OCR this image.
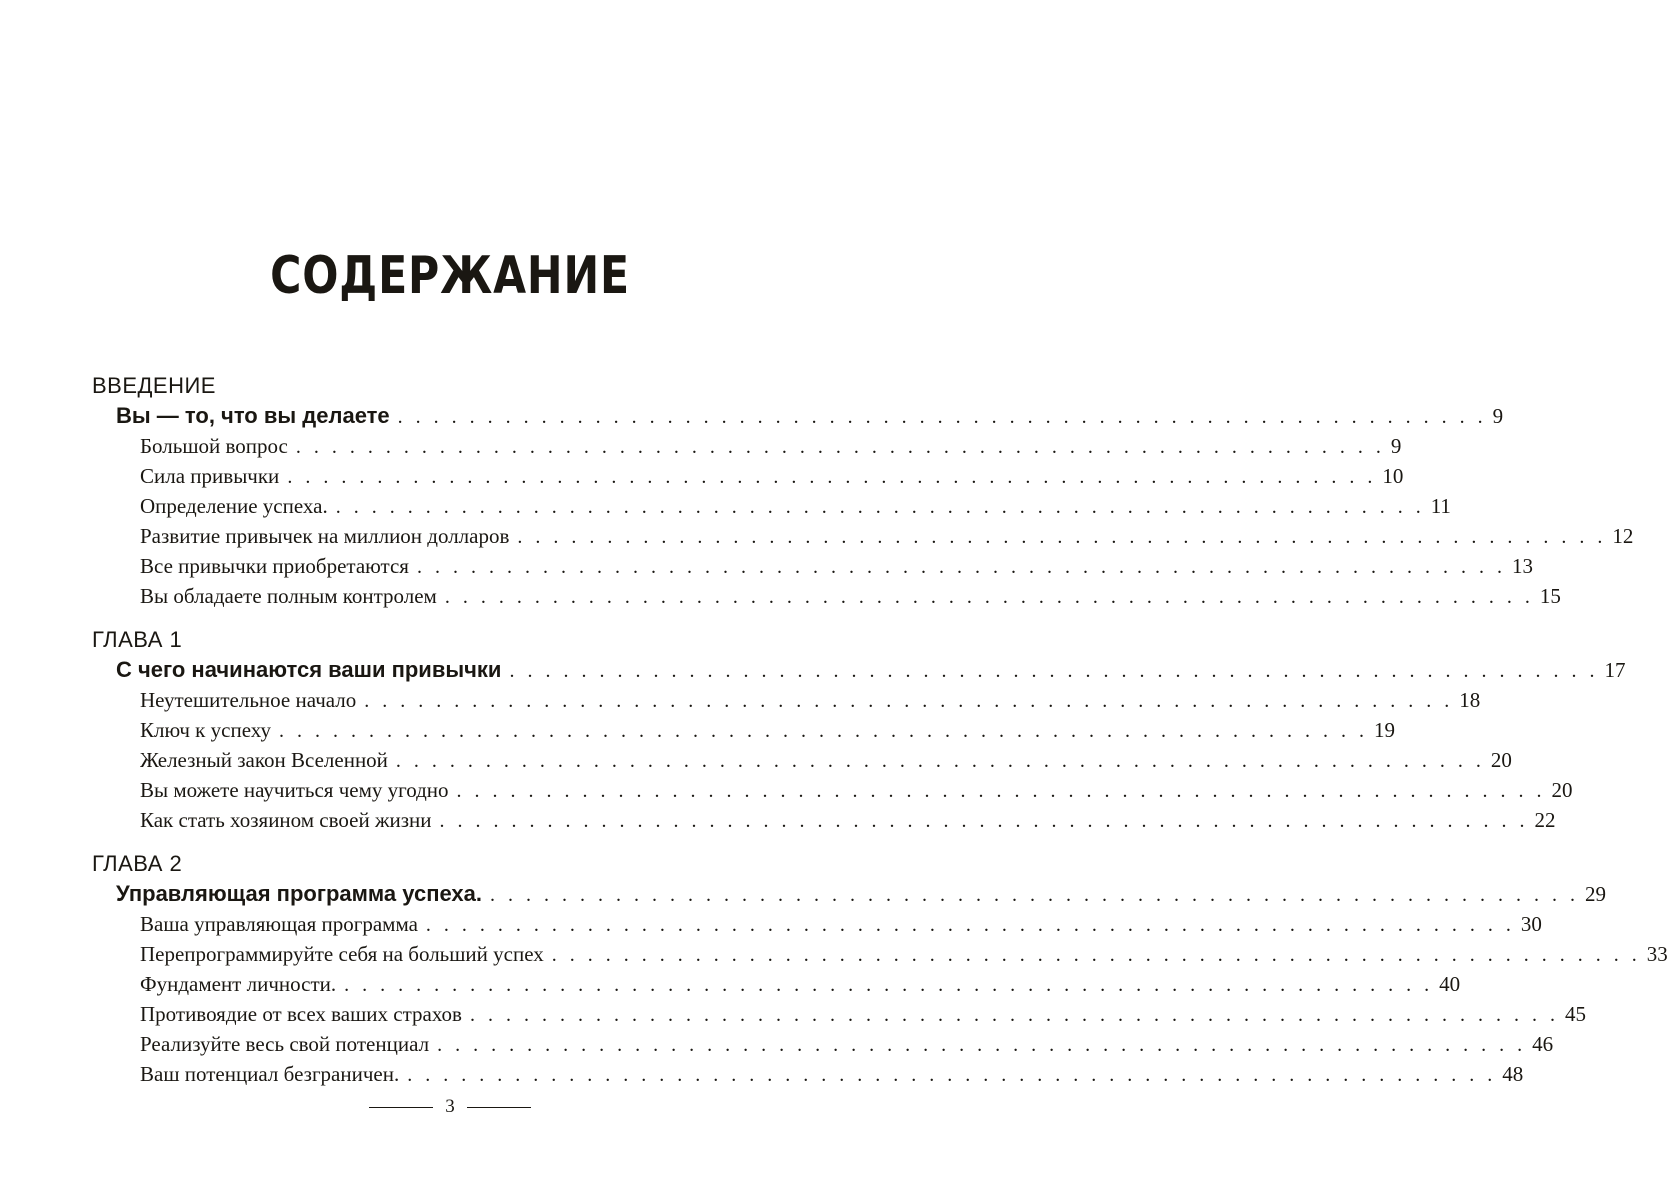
СОДЕРЖАНИЕ
ВВЕДЕНИЕ
Вы — то, что вы делаете . . . . . . . . . . . . . . . . . . . . . . . . . . . . . . . . . . . . . . . . . . . . . . . . . . . . . . . . . . . . . 9
Большой вопрос . . . . . . . . . . . . . . . . . . . . . . . . . . . . . . . . . . . . . . . . . . . . . . . . . . . . . . . . . . . . . 9
Сила привычки . . . . . . . . . . . . . . . . . . . . . . . . . . . . . . . . . . . . . . . . . . . . . . . . . . . . . . . . . . . . . 10
Определение успеха. . . . . . . . . . . . . . . . . . . . . . . . . . . . . . . . . . . . . . . . . . . . . . . . . . . . . . . . . . . . . . 11
Развитие привычек на миллион долларов . . . . . . . . . . . . . . . . . . . . . . . . . . . . . . . . . . . . . . . . . . . . . . . . . . . . . . . . . . . . . 12
Все привычки приобретаются . . . . . . . . . . . . . . . . . . . . . . . . . . . . . . . . . . . . . . . . . . . . . . . . . . . . . . . . . . . . . 13
Вы обладаете полным контролем . . . . . . . . . . . . . . . . . . . . . . . . . . . . . . . . . . . . . . . . . . . . . . . . . . . . . . . . . . . . . 15
ГЛАВА 1
С чего начинаются ваши привычки . . . . . . . . . . . . . . . . . . . . . . . . . . . . . . . . . . . . . . . . . . . . . . . . . . . . . . . . . . . . . 17
Неутешительное начало . . . . . . . . . . . . . . . . . . . . . . . . . . . . . . . . . . . . . . . . . . . . . . . . . . . . . . . . . . . . . 18
Ключ к успеху . . . . . . . . . . . . . . . . . . . . . . . . . . . . . . . . . . . . . . . . . . . . . . . . . . . . . . . . . . . . . 19
Железный закон Вселенной . . . . . . . . . . . . . . . . . . . . . . . . . . . . . . . . . . . . . . . . . . . . . . . . . . . . . . . . . . . . . 20
Вы можете научиться чему угодно . . . . . . . . . . . . . . . . . . . . . . . . . . . . . . . . . . . . . . . . . . . . . . . . . . . . . . . . . . . . . 20
Как стать хозяином своей жизни . . . . . . . . . . . . . . . . . . . . . . . . . . . . . . . . . . . . . . . . . . . . . . . . . . . . . . . . . . . . . 22
ГЛАВА 2
Управляющая программа успеха. . . . . . . . . . . . . . . . . . . . . . . . . . . . . . . . . . . . . . . . . . . . . . . . . . . . . . . . . . . . . . 29
Ваша управляющая программа . . . . . . . . . . . . . . . . . . . . . . . . . . . . . . . . . . . . . . . . . . . . . . . . . . . . . . . . . . . . . 30
Перепрограммируйте себя на больший успех . . . . . . . . . . . . . . . . . . . . . . . . . . . . . . . . . . . . . . . . . . . . . . . . . . . . . . . . . . . . . 33
Фундамент личности. . . . . . . . . . . . . . . . . . . . . . . . . . . . . . . . . . . . . . . . . . . . . . . . . . . . . . . . . . . . . . 40
Противоядие от всех ваших страхов . . . . . . . . . . . . . . . . . . . . . . . . . . . . . . . . . . . . . . . . . . . . . . . . . . . . . . . . . . . . . 45
Реализуйте весь свой потенциал . . . . . . . . . . . . . . . . . . . . . . . . . . . . . . . . . . . . . . . . . . . . . . . . . . . . . . . . . . . . . 46
Ваш потенциал безграничен. . . . . . . . . . . . . . . . . . . . . . . . . . . . . . . . . . . . . . . . . . . . . . . . . . . . . . . . . . . . . . 48
3
